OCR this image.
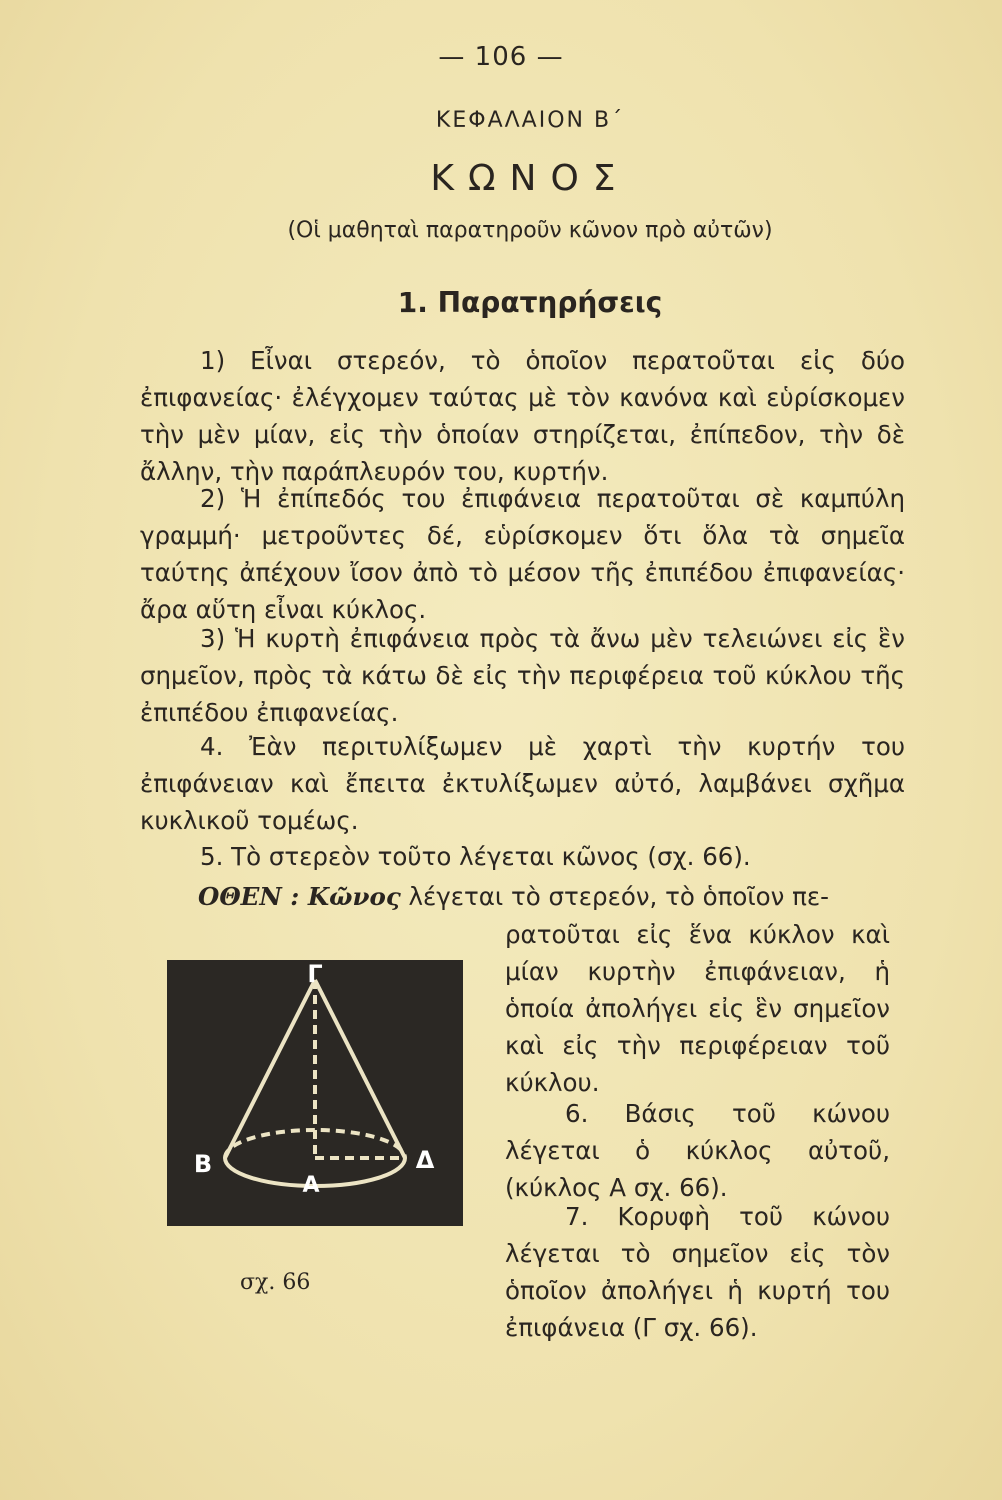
— 106 —
ΚΕΦΑΛΑΙΟΝ Β΄
ΚΩΝΟΣ
(Οἱ μαθηταὶ παρατηροῦν κῶνον πρὸ αὐτῶν)
1. Παρατηρήσεις
1) Εἶναι στερεόν, τὸ ὁποῖον περατοῦται εἰς δύο ἐπιφανείας· ἐλέγχομεν ταύτας μὲ τὸν κανόνα καὶ εὑρίσκομεν τὴν μὲν μίαν, εἰς τὴν ὁποίαν στηρίζεται, ἐπίπεδον, τὴν δὲ ἄλλην, τὴν παράπλευρόν του, κυρτήν.
2) Ἡ ἐπίπεδός του ἐπιφάνεια περατοῦται σὲ καμπύλη γραμμή· μετροῦντες δέ, εὑρίσκομεν ὅτι ὅλα τὰ σημεῖα ταύτης ἀπέχουν ἴσον ἀπὸ τὸ μέσον τῆς ἐπιπέδου ἐπιφανείας· ἄρα αὕτη εἶναι κύκλος.
3) Ἡ κυρτὴ ἐπιφάνεια πρὸς τὰ ἄνω μὲν τελειώνει εἰς ἓν σημεῖον, πρὸς τὰ κάτω δὲ εἰς τὴν περιφέρεια τοῦ κύκλου τῆς ἐπιπέδου ἐπιφανείας.
4. Ἐὰν περιτυλίξωμεν μὲ χαρτὶ τὴν κυρτήν του ἐπιφάνειαν καὶ ἔπειτα ἐκτυλίξωμεν αὐτό, λαμβάνει σχῆμα κυκλικοῦ τομέως.
5. Τὸ στερεὸν τοῦτο λέγεται κῶνος (σχ. 66).
ΟΘΕΝ : Κῶνος λέγεται τὸ στερεόν, τὸ ὁποῖον πε-
ρατοῦται εἰς ἕνα κύκλον καὶ μίαν κυρτὴν ἐπιφάνειαν, ἡ ὁποία ἀπολήγει εἰς ἓν σημεῖον καὶ εἰς τὴν περιφέρειαν τοῦ κύκλου.
6. Βάσις τοῦ κώνου λέγεται ὁ κύκλος αὐτοῦ, (κύκλος Α σχ. 66).
7. Κορυφὴ τοῦ κώνου λέγεται τὸ σημεῖον εἰς τὸν ὁποῖον ἀπολήγει ἡ κυρτή του ἐπιφάνεια (Γ σχ. 66).
Γ
Β	Δ
Α
σχ. 66
